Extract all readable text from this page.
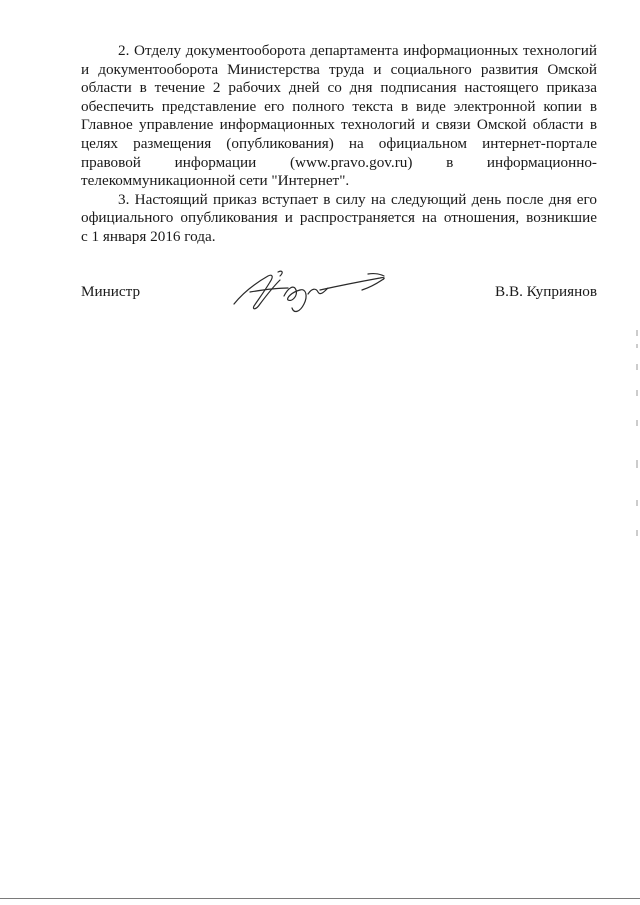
2. Отделу документооборота департамента информационных технологий
и документооборота Министерства труда и социального развития Омской
области в течение 2 рабочих дней со дня подписания настоящего приказа
обеспечить представление его полного текста в виде электронной копии в
Главное управление информационных технологий и связи Омской области в
целях размещения (опубликования) на официальном интернет-портале
правовой информации (www.pravo.gov.ru) в информационно-
телекоммуникационной сети "Интернет".

3. Настоящий приказ вступает в силу на следующий день после дня его
официального опубликования и распространяется на отношения, возникшие
с 1 января 2016 года.

Министр	В.В. Куприянов
